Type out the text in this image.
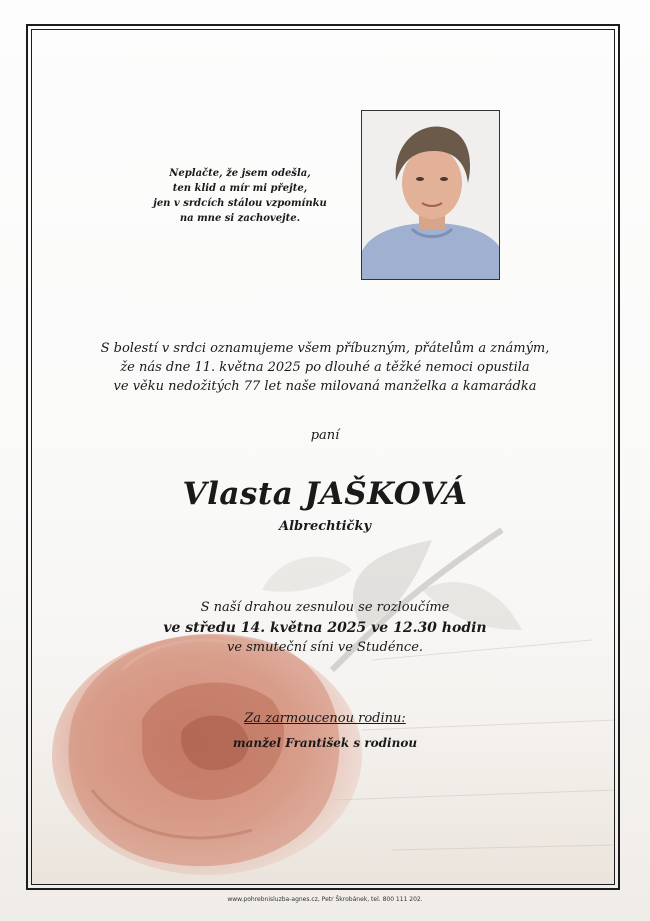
Neplačte, že jsem odešla,
ten klid a mír mi přejte,
jen v srdcích stálou vzpomínku
na mne si zachovejte.
S bolestí v srdci oznamujeme všem příbuzným, přátelům a známým,
že nás dne 11. května 2025 po dlouhé a těžké nemoci opustila
ve věku nedožitých 77 let naše milovaná manželka a kamarádka
paní
Vlasta JAŠKOVÁ
Albrechtičky
S naší drahou zesnulou se rozloučíme
ve středu 14. května 2025 ve 12.30 hodin
ve smuteční síni ve Studénce.
Za zarmoucenou rodinu:
manžel František s rodinou
www.pohrebnisluzba-agnes.cz, Petr Škrobánek, tel. 800 111 202.
